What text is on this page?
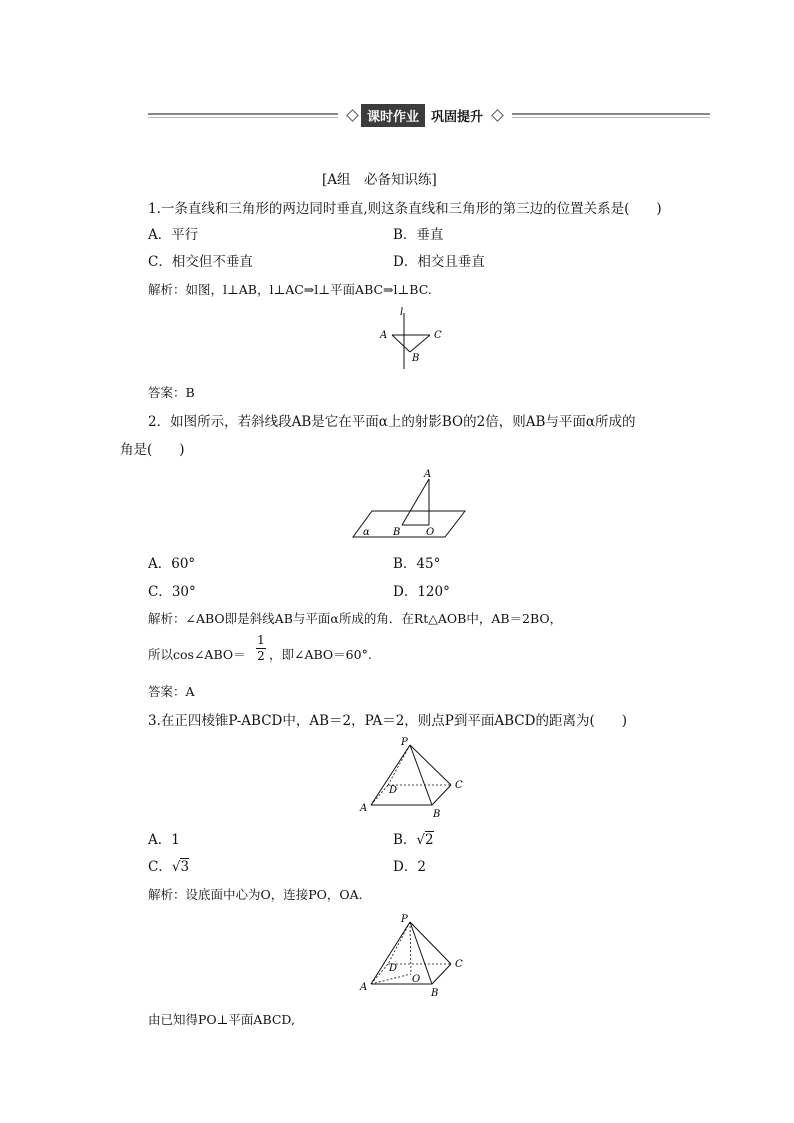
课时作业 巩固提升
[A组　必备知识练]
1.一条直线和三角形的两边同时垂直,则这条直线和三角形的第三边的位置关系是(　　)
A．平行	B．垂直
C．相交但不垂直	D．相交且垂直
解析：如图，l⊥AB，l⊥AC⇒l⊥平面ABC⇒l⊥BC.
l
A	C
B
答案：B
2．如图所示，若斜线段AB是它在平面α上的射影BO的2倍，则AB与平面α所成的
角是(　　)
A
α B	O
A．60°	B．45°
C．30°	D．120°
解析：∠ABO即是斜线AB与平面α所成的角．在Rt△AOB中，AB＝2BO，
所以cos∠ABO＝
1
2 ，即∠ABO＝60°.
答案：A
3.在正四棱锥P-ABCD中，AB＝2，PA＝2，则点P到平面ABCD的距离为(　　)
P
D	C
A
B
A．1	B．√2
C．√3	D．2
解析：设底面中心为O，连接PO，OA.
P
D
O
C
A
B
由已知得PO⊥平面ABCD,
